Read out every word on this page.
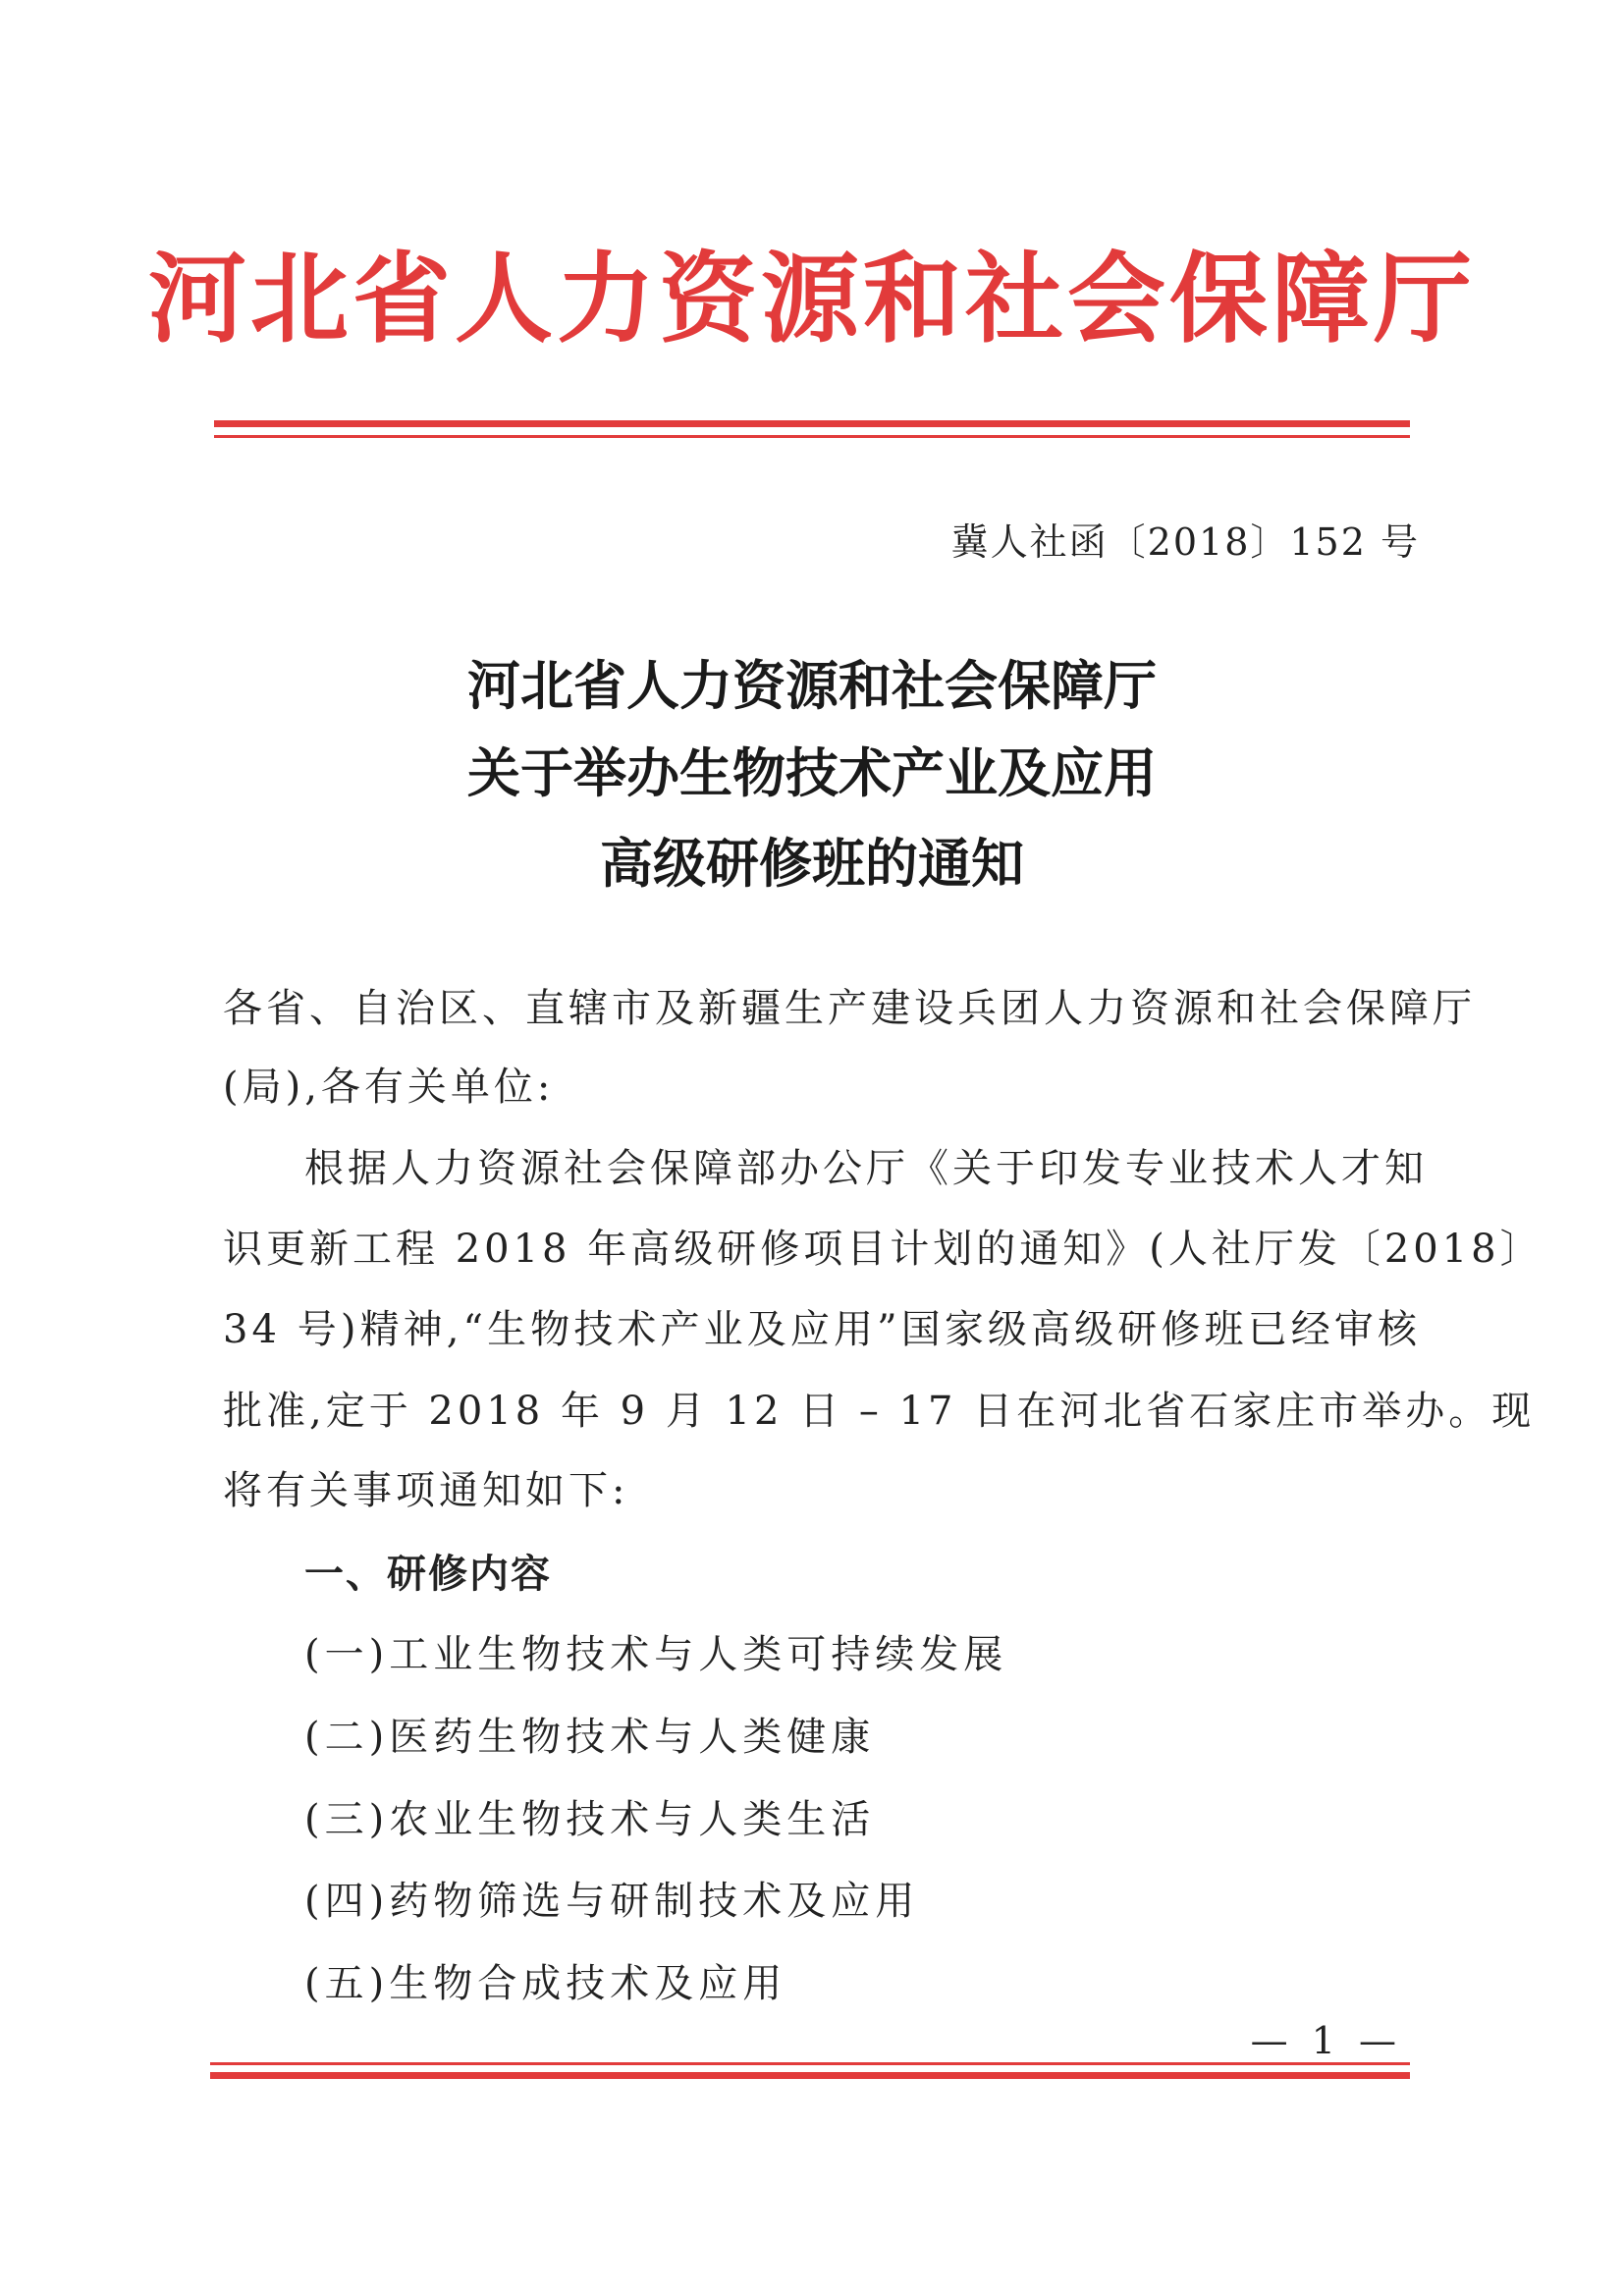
河北省人力资源和社会保障厅
冀人社函〔2018〕152 号
河北省人力资源和社会保障厅
关于举办生物技术产业及应用
高级研修班的通知
各省、自治区、直辖市及新疆生产建设兵团人力资源和社会保障厅
(局),各有关单位:
根据人力资源社会保障部办公厅《关于印发专业技术人才知
识更新工程 2018 年高级研修项目计划的通知》(人社厅发〔2018〕
34 号)精神,“生物技术产业及应用”国家级高级研修班已经审核
批准,定于 2018 年 9 月 12 日 – 17 日在河北省石家庄市举办。现
将有关事项通知如下:
一、研修内容
(一)工业生物技术与人类可持续发展
(二)医药生物技术与人类健康
(三)农业生物技术与人类生活
(四)药物筛选与研制技术及应用
(五)生物合成技术及应用
— 1 —
